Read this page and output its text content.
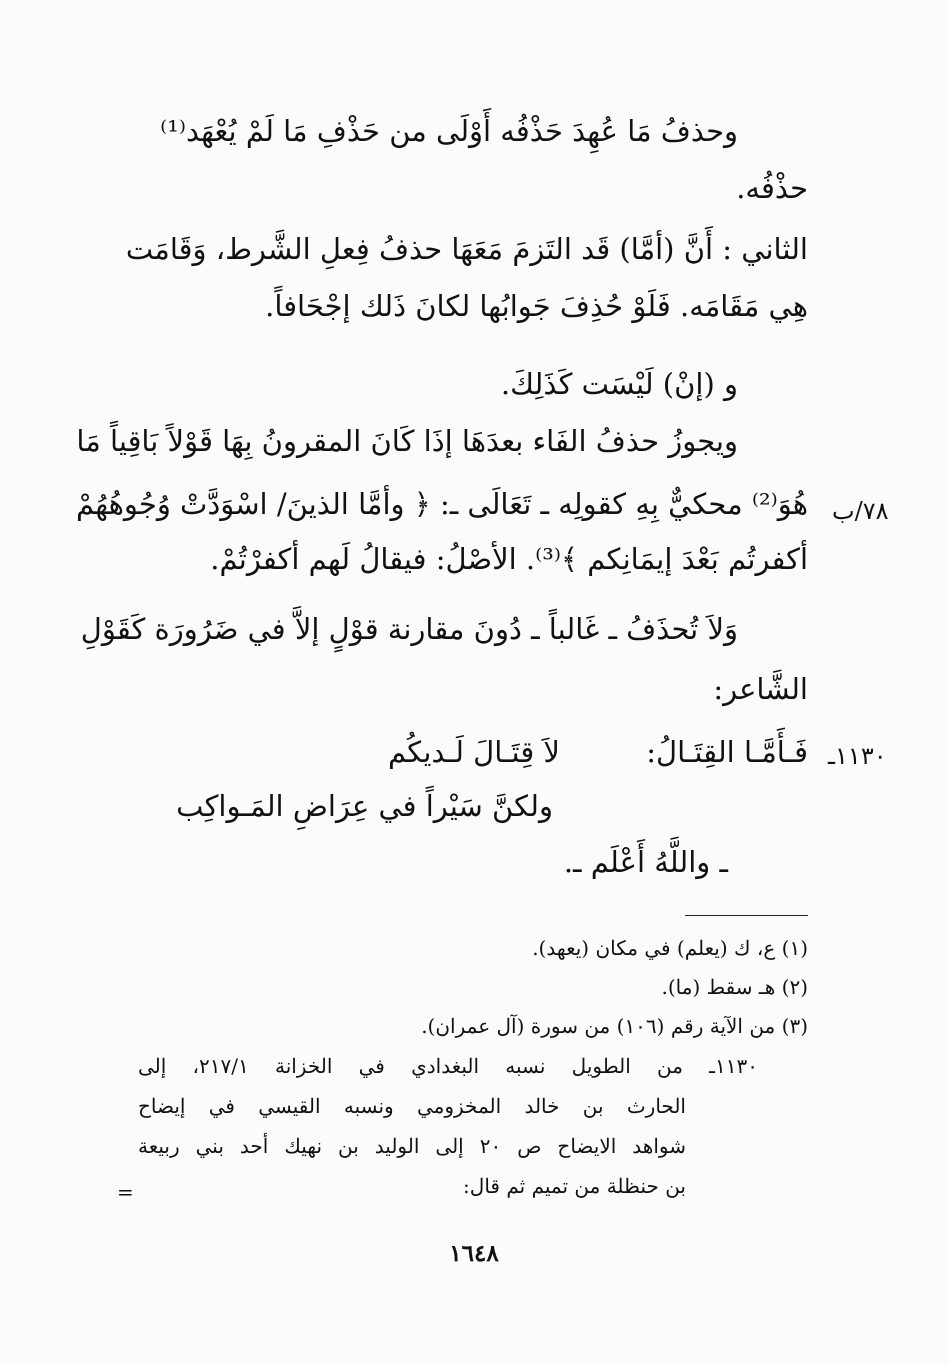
وحذفُ مَا عُهِدَ حَذْفُه أَوْلَى من حَذْفِ مَا لَمْ يُعْهَد⁽¹⁾
حذْفُه.
الثاني : أَنَّ (أمَّا) قَد التَزمَ مَعَهَا حذفُ فِعلِ الشَّرط، وَقَامَت
هِي مَقَامَه. فَلَوْ حُذِفَ جَوابُها لكانَ ذَلك إجْحَافاً.
و (إنْ) لَيْسَت كَذَلِكَ.
ويجوزُ حذفُ الفَاء بعدَهَا إذَا كَانَ المقرونُ بِهَا قَوْلاً بَاقِياً مَا
٧٨/ب
هُوَ⁽²⁾ محكيٌّ بِهِ كقولِه ـ تَعَالَى ـ: ﴿ وأمَّا الذينَ/ اسْوَدَّتْ وُجُوهُهُمْ
أكفرتُم بَعْدَ إيمَانِكم ﴾⁽³⁾. الأصْلُ: فيقالُ لَهم أكفرْتُمْ.
وَلاَ تُحذَفُ ـ غَالباً ـ دُونَ مقارنة قوْلٍ إلاَّ في ضَرُورَة كَقَوْلِ
الشَّاعر:
١١٣٠ـ
فَـأَمَّـا القِتَـالُ:
لاَ قِتَـالَ لَـديكُم
ولكنَّ سَيْراً في عِرَاضِ المَـواكِب
ـ واللَّهُ أَعْلَم ـ.
(١) ع، ك (يعلم) في مكان (يعهد).
(٢) هـ سقط (ما).
(٣) من الآية رقم (١٠٦) من سورة (آل عمران).
١١٣٠ـ من الطويل نسبه البغدادي في الخزانة ٢١٧/١، إلى
الحارث بن خالد المخزومي ونسبه القيسي في إيضاح
شواهد الايضاح ص ٢٠ إلى الوليد بن نهيك أحد بني ربيعة
بن حنظلة من تميم ثم قال:
=
١٦٤٨
